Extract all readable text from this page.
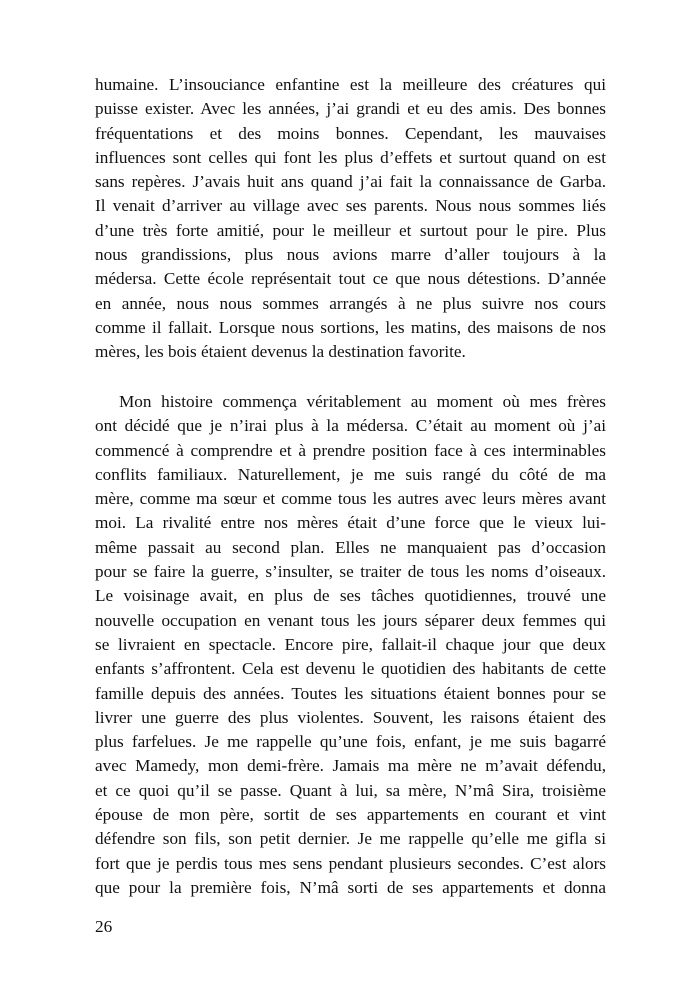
humaine. L’insouciance enfantine est la meilleure des créatures qui
puisse exister. Avec les années, j’ai grandi et eu des amis. Des bonnes
fréquentations et des moins bonnes. Cependant, les mauvaises
influences sont celles qui font les plus d’effets et surtout quand on est
sans repères. J’avais huit ans quand j’ai fait la connaissance de Garba.
Il venait d’arriver au village avec ses parents. Nous nous sommes liés
d’une très forte amitié, pour le meilleur et surtout pour le pire. Plus
nous grandissions, plus nous avions marre d’aller toujours à la
médersa. Cette école représentait tout ce que nous détestions. D’année
en année, nous nous sommes arrangés à ne plus suivre nos cours
comme il fallait. Lorsque nous sortions, les matins, des maisons de nos
mères, les bois étaient devenus la destination favorite.
Mon histoire commença véritablement au moment où mes frères
ont décidé que je n’irai plus à la médersa. C’était au moment où j’ai
commencé à comprendre et à prendre position face à ces interminables
conflits familiaux. Naturellement, je me suis rangé du côté de ma
mère, comme ma sœur et comme tous les autres avec leurs mères avant
moi. La rivalité entre nos mères était d’une force que le vieux lui-
même passait au second plan. Elles ne manquaient pas d’occasion
pour se faire la guerre, s’insulter, se traiter de tous les noms d’oiseaux.
Le voisinage avait, en plus de ses tâches quotidiennes, trouvé une
nouvelle occupation en venant tous les jours séparer deux femmes qui
se livraient en spectacle. Encore pire, fallait-il chaque jour que deux
enfants s’affrontent. Cela est devenu le quotidien des habitants de cette
famille depuis des années. Toutes les situations étaient bonnes pour se
livrer une guerre des plus violentes. Souvent, les raisons étaient des
plus farfelues. Je me rappelle qu’une fois, enfant, je me suis bagarré
avec Mamedy, mon demi-frère. Jamais ma mère ne m’avait défendu,
et ce quoi qu’il se passe. Quant à lui, sa mère, N’mâ Sira, troisième
épouse de mon père, sortit de ses appartements en courant et vint
défendre son fils, son petit dernier. Je me rappelle qu’elle me gifla si
fort que je perdis tous mes sens pendant plusieurs secondes. C’est alors
que pour la première fois, N’mâ sorti de ses appartements et donna
26
